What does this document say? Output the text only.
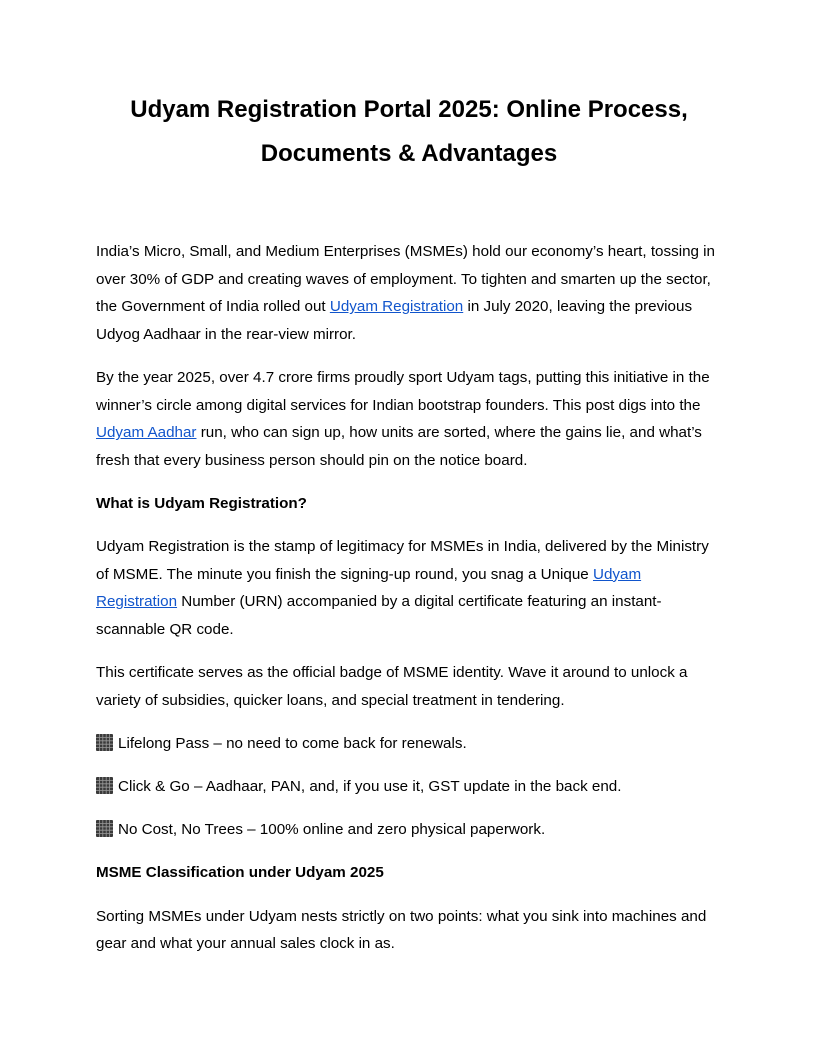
Udyam Registration Portal 2025: Online Process,
Documents & Advantages

India’s Micro, Small, and Medium Enterprises (MSMEs) hold our economy’s heart, tossing in over 30% of GDP and creating waves of employment. To tighten and smarten up the sector, the Government of India rolled out Udyam Registration in July 2020, leaving the previous Udyog Aadhaar in the rear-view mirror.

By the year 2025, over 4.7 crore firms proudly sport Udyam tags, putting this initiative in the winner’s circle among digital services for Indian bootstrap founders. This post digs into the Udyam Aadhar run, who can sign up, how units are sorted, where the gains lie, and what’s fresh that every business person should pin on the notice board.

What is Udyam Registration?

Udyam Registration is the stamp of legitimacy for MSMEs in India, delivered by the Ministry of MSME. The minute you finish the signing-up round, you snag a Unique Udyam Registration Number (URN) accompanied by a digital certificate featuring an instant-scannable QR code.

This certificate serves as the official badge of MSME identity. Wave it around to unlock a variety of subsidies, quicker loans, and special treatment in tendering.

Lifelong Pass – no need to come back for renewals.

Click & Go – Aadhaar, PAN, and, if you use it, GST update in the back end.

No Cost, No Trees – 100% online and zero physical paperwork.

MSME Classification under Udyam 2025

Sorting MSMEs under Udyam nests strictly on two points: what you sink into machines and gear and what your annual sales clock in as.
